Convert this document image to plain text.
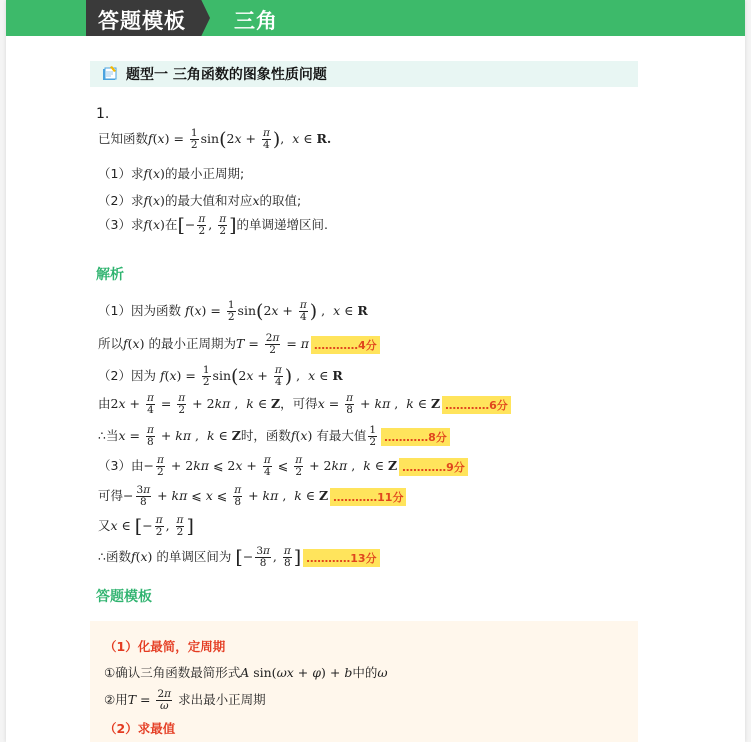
答题模板 三角
题型一 三角函数的图象性质问题
1.
已知函数$f(x) = \frac{1}{2} \sin(2x + \frac{\pi}{4}$ ),  x ∈ R.
（1）求f(x)的最小正周期;
（2）求f(x)的最大值和对应x的取值;
（3）求f(x)在[− $\frac{\pi}{2}$ , $\frac{\pi}{2}$ ]的单调递增区间.
解析
（1）因为函数 $f(x) = \frac{1}{2} \sin(2x + \frac{\pi}{4}$ ) ,  x ∈ R
所以f(x) 的最小正周期为$T = \frac{2\pi}{2} = \pi$ …………4分
（2）因为 $f(x) = \frac{1}{2} \sin(2x + \frac{\pi}{4}$ ) ,  x ∈ R
由$2x + \frac{\pi}{4} = \frac{\pi}{2} + 2k\pi$ ,  k ∈ Z，可得$x = \frac{\pi}{8} + k\pi$ ,  k ∈ Z …………6分
∴当$x = \frac{\pi}{8} + k\pi$ ,  k ∈ Z时，函数f(x) 有最大值 $\frac{1}{2}$ …………8分
（3）由− $\frac{\pi}{2} + 2k\pi$ ⩽ $2x + \frac{\pi}{4}$ ⩽ $\frac{\pi}{2} + 2k\pi$ ,  k ∈ Z …………9分
可得− $\frac{3\pi}{8} + k\pi$ ⩽ x ⩽ $\frac{\pi}{8} + k\pi$ ,  k ∈ Z …………11分
又x ∈ [− $\frac{\pi}{2}$ , $\frac{\pi}{2}$ ]
∴函数f(x) 的单调区间为 [− $\frac{3\pi}{8}$ , $\frac{\pi}{8}$ ] …………13分
答题模板
（1）化最简，定周期
①确认三角函数最简形式A sin(ωx + φ) + b中的ω
②用$T = \frac{2\pi}{\omega}$ 求出最小正周期
（2）求最值
